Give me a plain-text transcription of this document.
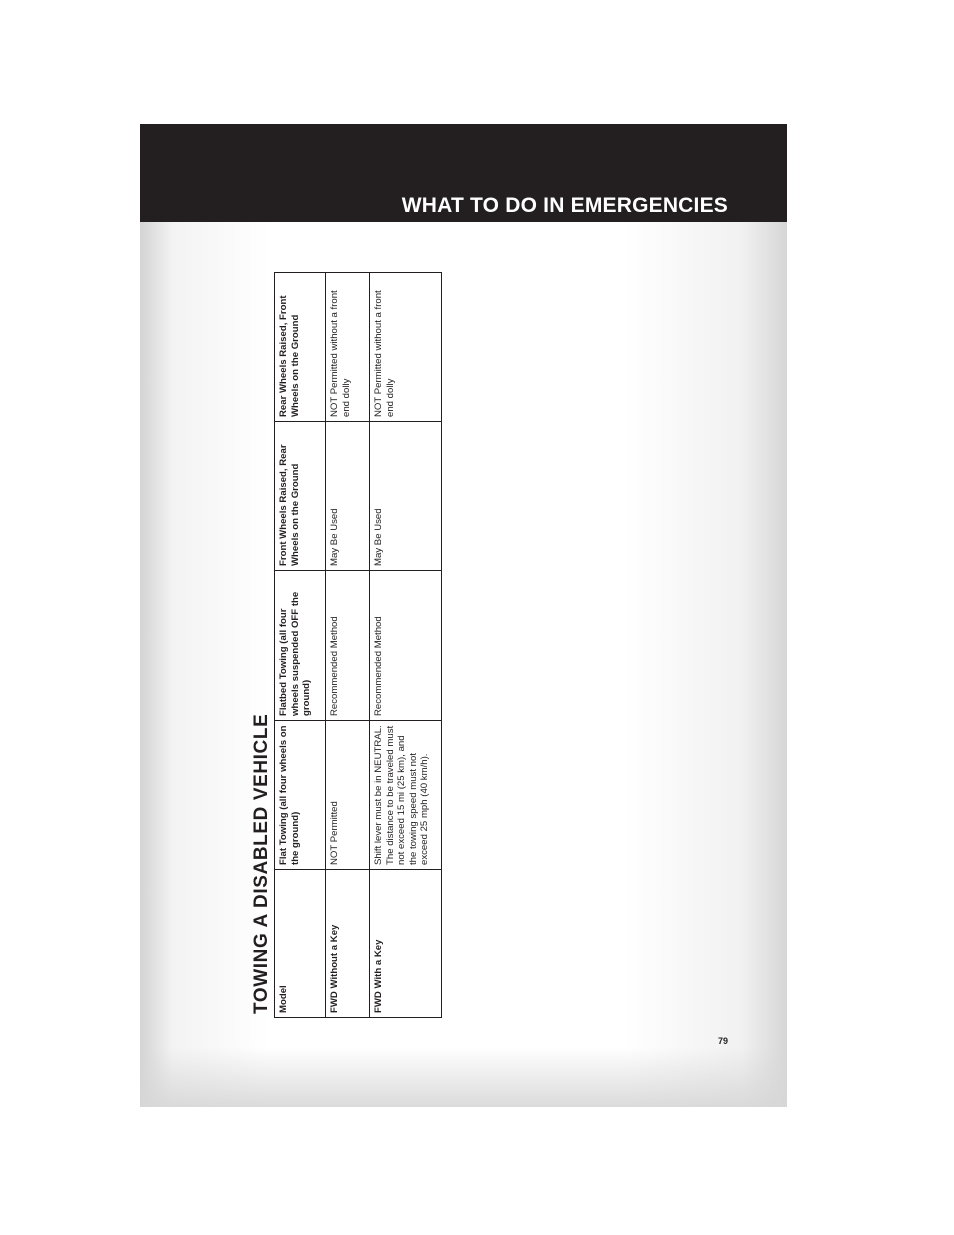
WHAT TO DO IN EMERGENCIES
TOWING A DISABLED VEHICLE Model	Flat Towing (all four wheels on the ground)	Flatbed Towing (all four wheels suspended OFF the ground)	Front Wheels Raised, Rear Wheels on the Ground	Rear Wheels Raised, Front Wheels on the Ground
FWD Without a Key	NOT Permitted	Recommended Method	May Be Used	NOT Permitted without a front end dolly
FWD With a Key	Shift lever must be in NEUTRAL. The distance to be traveled must not exceed 15 mi (25 km), and the towing speed must not exceed 25 mph (40 km/h).	Recommended Method	May Be Used	NOT Permitted without a front end dolly
79
